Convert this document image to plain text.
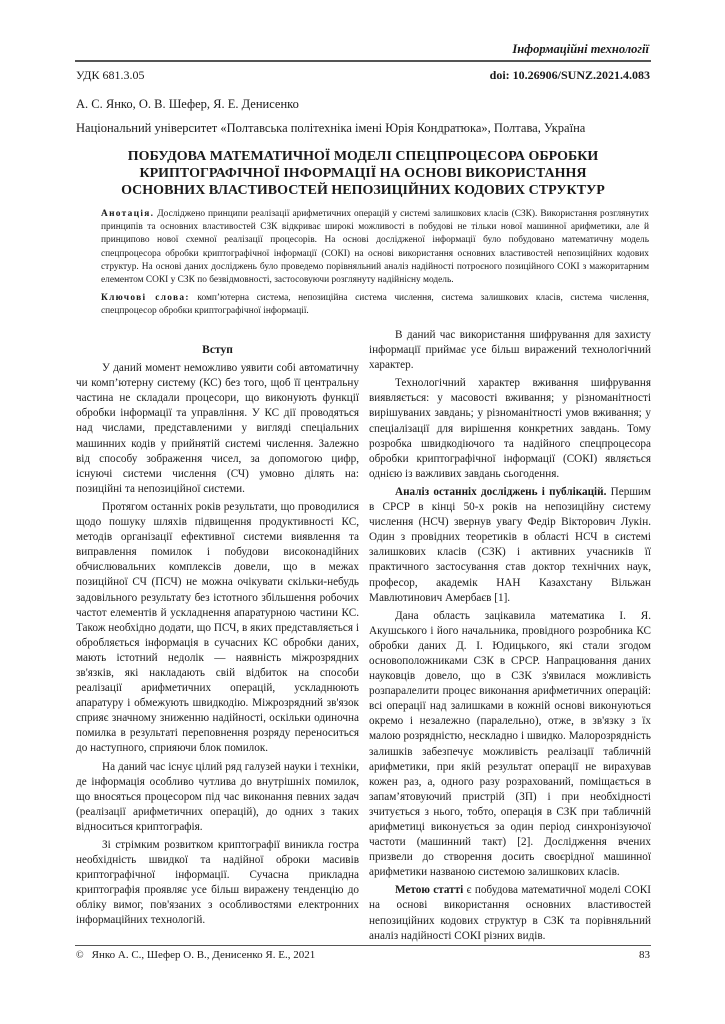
Інформаційні технології
УДК 681.3.05	doi: 10.26906/SUNZ.2021.4.083
А. С. Янко, О. В. Шефер, Я. Е. Денисенко
Національний університет «Полтавська політехніка імені Юрія Кондратюка», Полтава, Україна
ПОБУДОВА МАТЕМАТИЧНОЇ МОДЕЛІ СПЕЦПРОЦЕСОРА ОБРОБКИ
КРИПТОГРАФІЧНОЇ ІНФОРМАЦІЇ НА ОСНОВІ ВИКОРИСТАННЯ
ОСНОВНИХ ВЛАСТИВОСТЕЙ НЕПОЗИЦІЙНИХ КОДОВИХ СТРУКТУР

Анотація. Досліджено принципи реалізації арифметичних операцій у системі залишкових класів (СЗК). Використання розглянутих принципів та основних властивостей СЗК відкриває широкі можливості в побудові не тільки нової машинної арифметики, але й принципово нової схемної реалізації процесорів. На основі дослідженої інформації було побудовано математичну модель спецпроцесора обробки криптографічної інформації (СОКІ) на основі використання основних властивостей непозиційних кодових структур. На основі даних досліджень було проведемо порівняльний аналіз надійності потроєного позиційного СОКІ з мажоритарним елементом СОКІ у СЗК по безвідмовності, застосовуючи розглянуту надійнісну модель.

Ключові слова: комп’ютерна система, непозиційна система числення, система залишкових класів, система числення, спецпроцесор обробки криптографічної інформації.

Вступ

У даний момент неможливо уявити собі автоматичну чи комп’ютерну систему (КС) без того, щоб її центральну частина не складали процесори, що виконують функції обробки інформації та управління. У КС дії проводяться над числами, представленими у вигляді спеціальних машинних кодів у прийнятій системі числення. Залежно від способу зображення чисел, за допомогою цифр, існуючі системи числення (СЧ) умовно ділять на: позиційні та непозиційної системи.

Протягом останніх років результати, що проводилися щодо пошуку шляхів підвищення продуктивності КС, методів організації ефективної системи виявлення та виправлення помилок і побудови високонадійних обчислювальних комплексів довели, що в межах позиційної СЧ (ПСЧ) не можна очікувати скільки-небудь задовільного результату без істотного збільшення робочих частот елементів й ускладнення апаратурною частини КС. Також необхідно додати, що ПСЧ, в яких представляється і обробляється інформація в сучасних КС обробки даних, мають істотний недолік — наявність міжрозрядних зв'язків, які накладають свій відбиток на способи реалізації арифметичних операцій, ускладнюють апаратуру і обмежують швидкодію. Міжрозрядний зв'язок сприяє значному зниженню надійності, оскільки одиночна помилка в результаті переповнення розряду переноситься до наступного, сприяючи блок помилок.

На даний час існує цілий ряд галузей науки і техніки, де інформація особливо чутлива до внутрішніх помилок, що вносяться процесором під час виконання певних задач (реалізації арифметичних операцій), до одних з таких відноситься криптографія.

Зі стрімким розвитком криптографії виникла гостра необхідність швидкої та надійної оброки масивів криптографічної інформації. Сучасна прикладна криптографія проявляє усе більш виражену тенденцію до обліку вимог, пов'язаних з особливостями електронних інформаційних технологій.

В даний час використання шифрування для захисту інформації приймає усе більш виражений технологічний характер.

Технологічний характер вживання шифрування виявляється: у масовості вживання; у різноманітності вирішуваних завдань; у різноманітності умов вживання; у спеціалізації для вирішення конкретних завдань. Тому розробка швидкодіючого та надійного спецпроцесора обробки криптографічної інформації (СОКІ) являється однією із важливих завдань сьогодення.

Аналіз останніх досліджень і публікацій. Першим в СРСР в кінці 50-х років на непозиційну систему числення (НСЧ) звернув увагу Федір Вікторович Лукін. Один з провідних теоретиків в області НСЧ в системі залишкових класів (СЗК) і активних учасників її практичного застосування став доктор технічних наук, професор, академік НАН Казахстану Вільжан Мавлютинович Амербаєв [1].

Дана область зацікавила математика І. Я. Акушського і його начальника, провідного розробника КС обробки даних Д. І. Юдицького, які стали згодом основоположниками СЗК в СРСР. Напрацювання даних науковців довело, що в СЗК з'явилася можливість розпаралелити процес виконання арифметичних операцій: всі операції над залишками в кожній основі виконуються окремо і незалежно (паралельно), отже, в зв'язку з їх малою розрядністю, нескладно і швидко. Малорозрядність залишків забезпечує можливість реалізації табличній арифметики, при якій результат операції не вирахував кожен раз, а, одного разу розрахований, поміщається в запам’ятовуючий пристрій (ЗП) і при необхідності зчитується з нього, тобто, операція в СЗК при табличній арифметиці виконується за один період синхронізуючої частоти (машинний такт) [2]. Дослідження вчених призвели до створення досить своєрідної машинної арифметики названою системою залишкових класів.

Метою статті є побудова математичної моделі СОКІ на основі використання основних властивостей непозиційних кодових структур в СЗК та порівняльний аналіз надійності СОКІ різних видів.

© Янко А. С., Шефер О. В., Денисенко Я. Е., 2021	83
